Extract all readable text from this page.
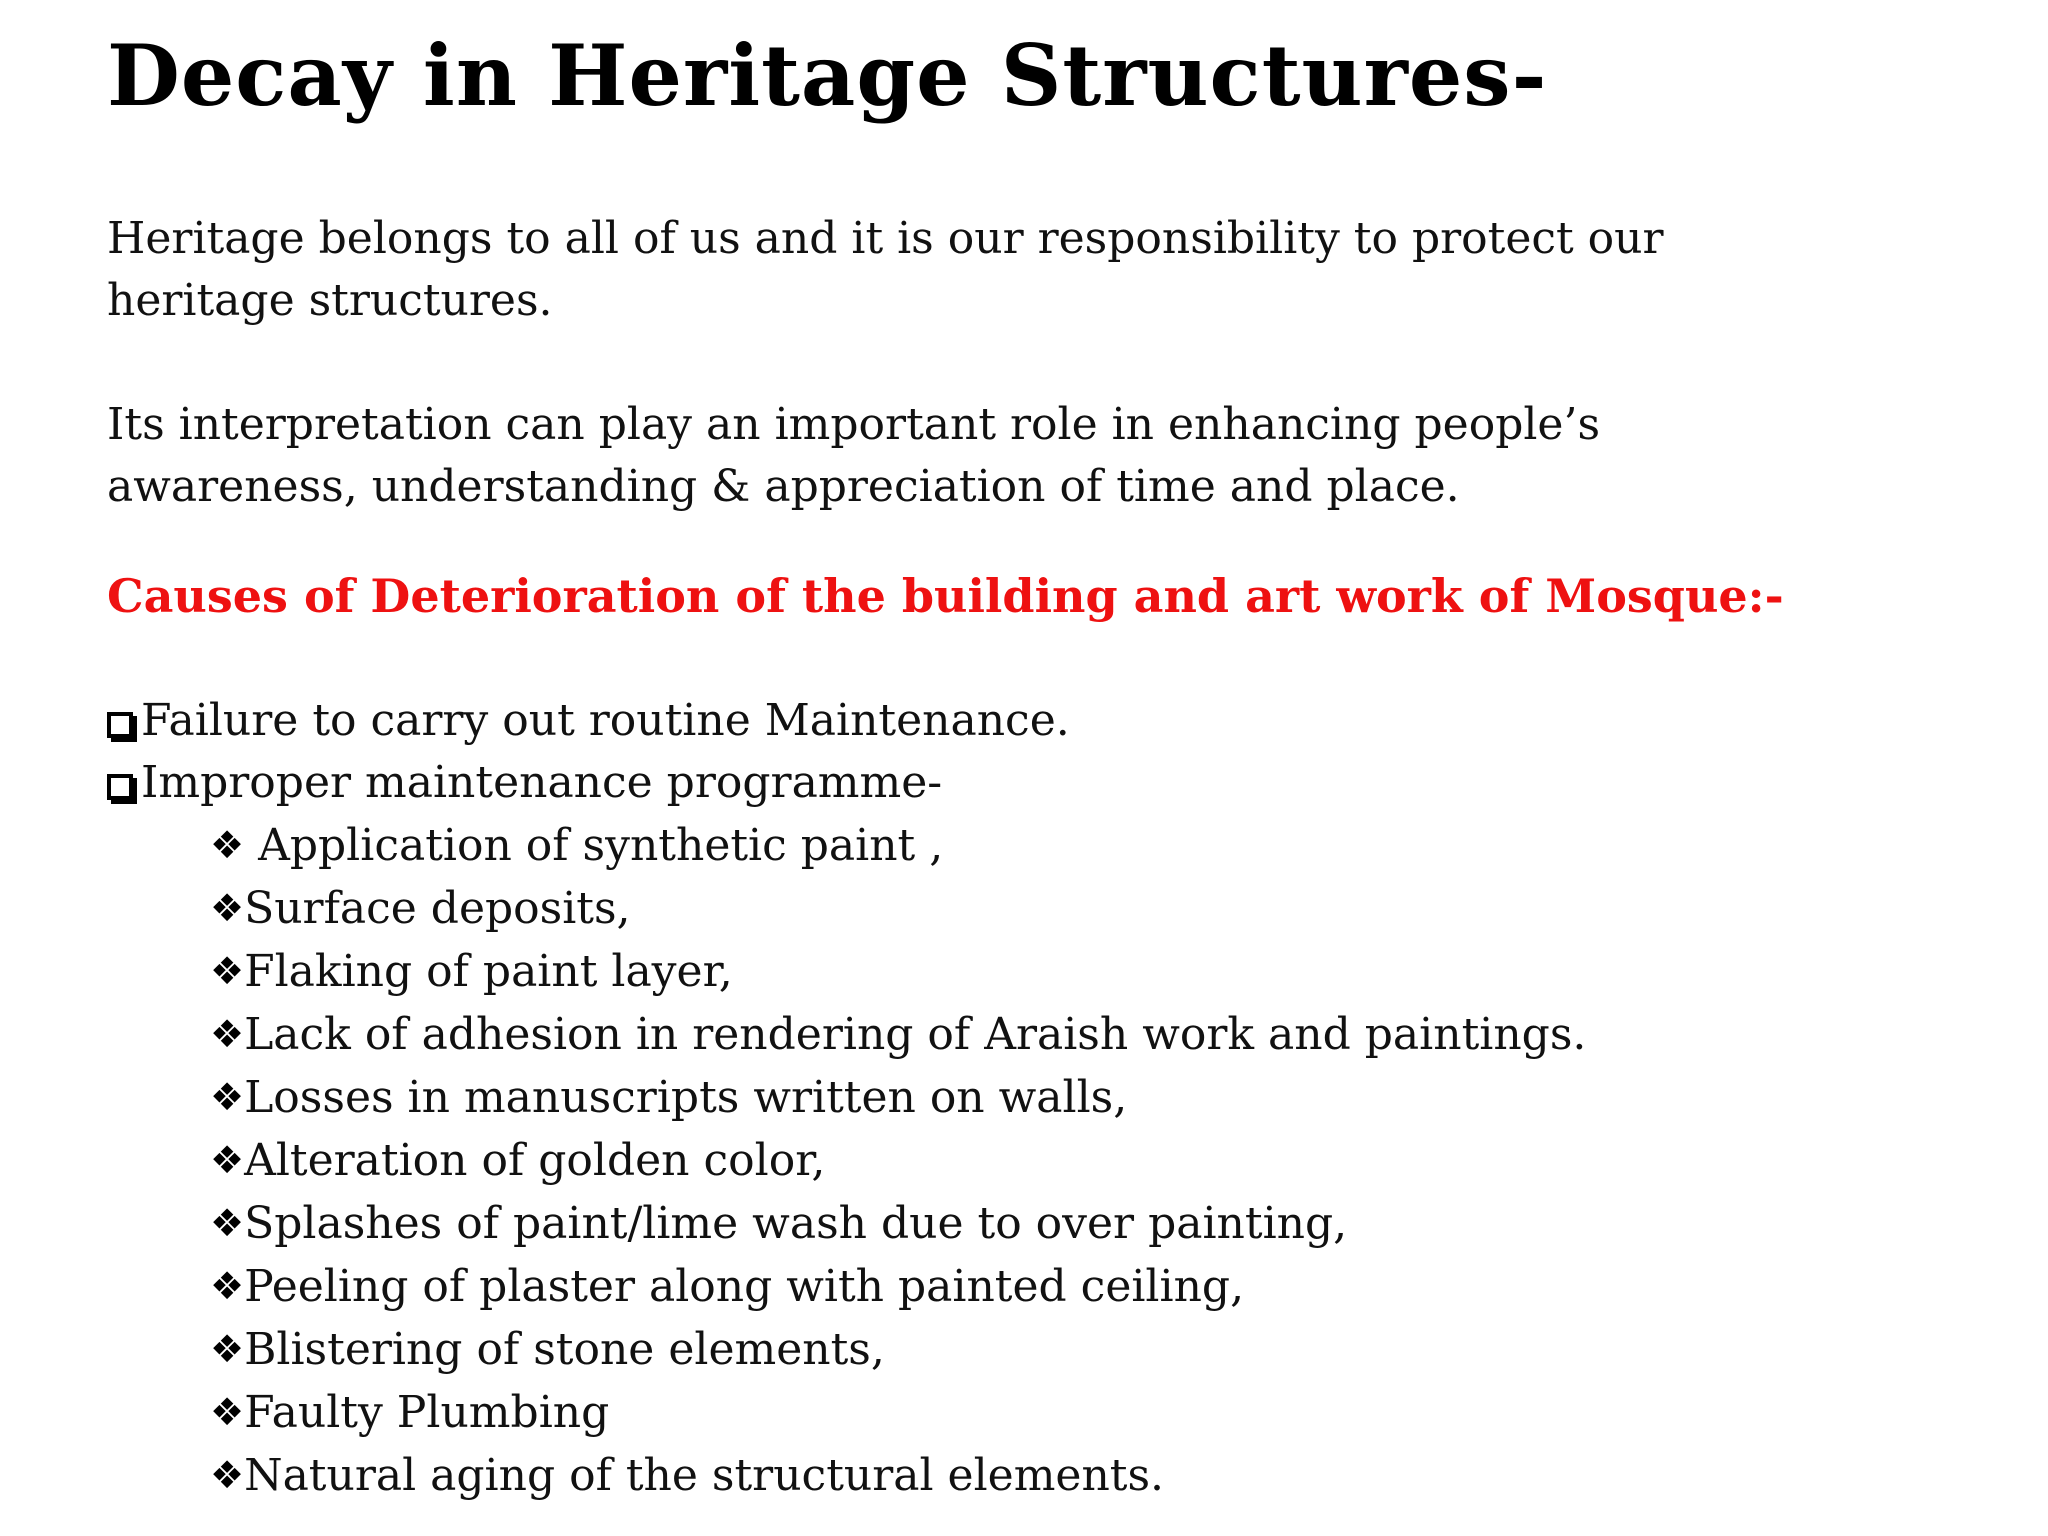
Decay in Heritage Structures-

Heritage belongs to all of us and it is our responsibility to protect our
heritage structures.

Its interpretation can play an important role in enhancing people’s
awareness, understanding & appreciation of time and place.

Causes of Deterioration of the building and art work of Mosque:-
Failure to carry out routine Maintenance.
Improper maintenance programme-
❖ Application of synthetic paint ,
❖Surface deposits,
❖Flaking of paint layer,
❖Lack of adhesion in rendering of Araish work and paintings.
❖Losses in manuscripts written on walls,
❖Alteration of golden color,
❖Splashes of paint/lime wash due to over painting,
❖Peeling of plaster along with painted ceiling,
❖Blistering of stone elements,
❖Faulty Plumbing
❖Natural aging of the structural elements.
